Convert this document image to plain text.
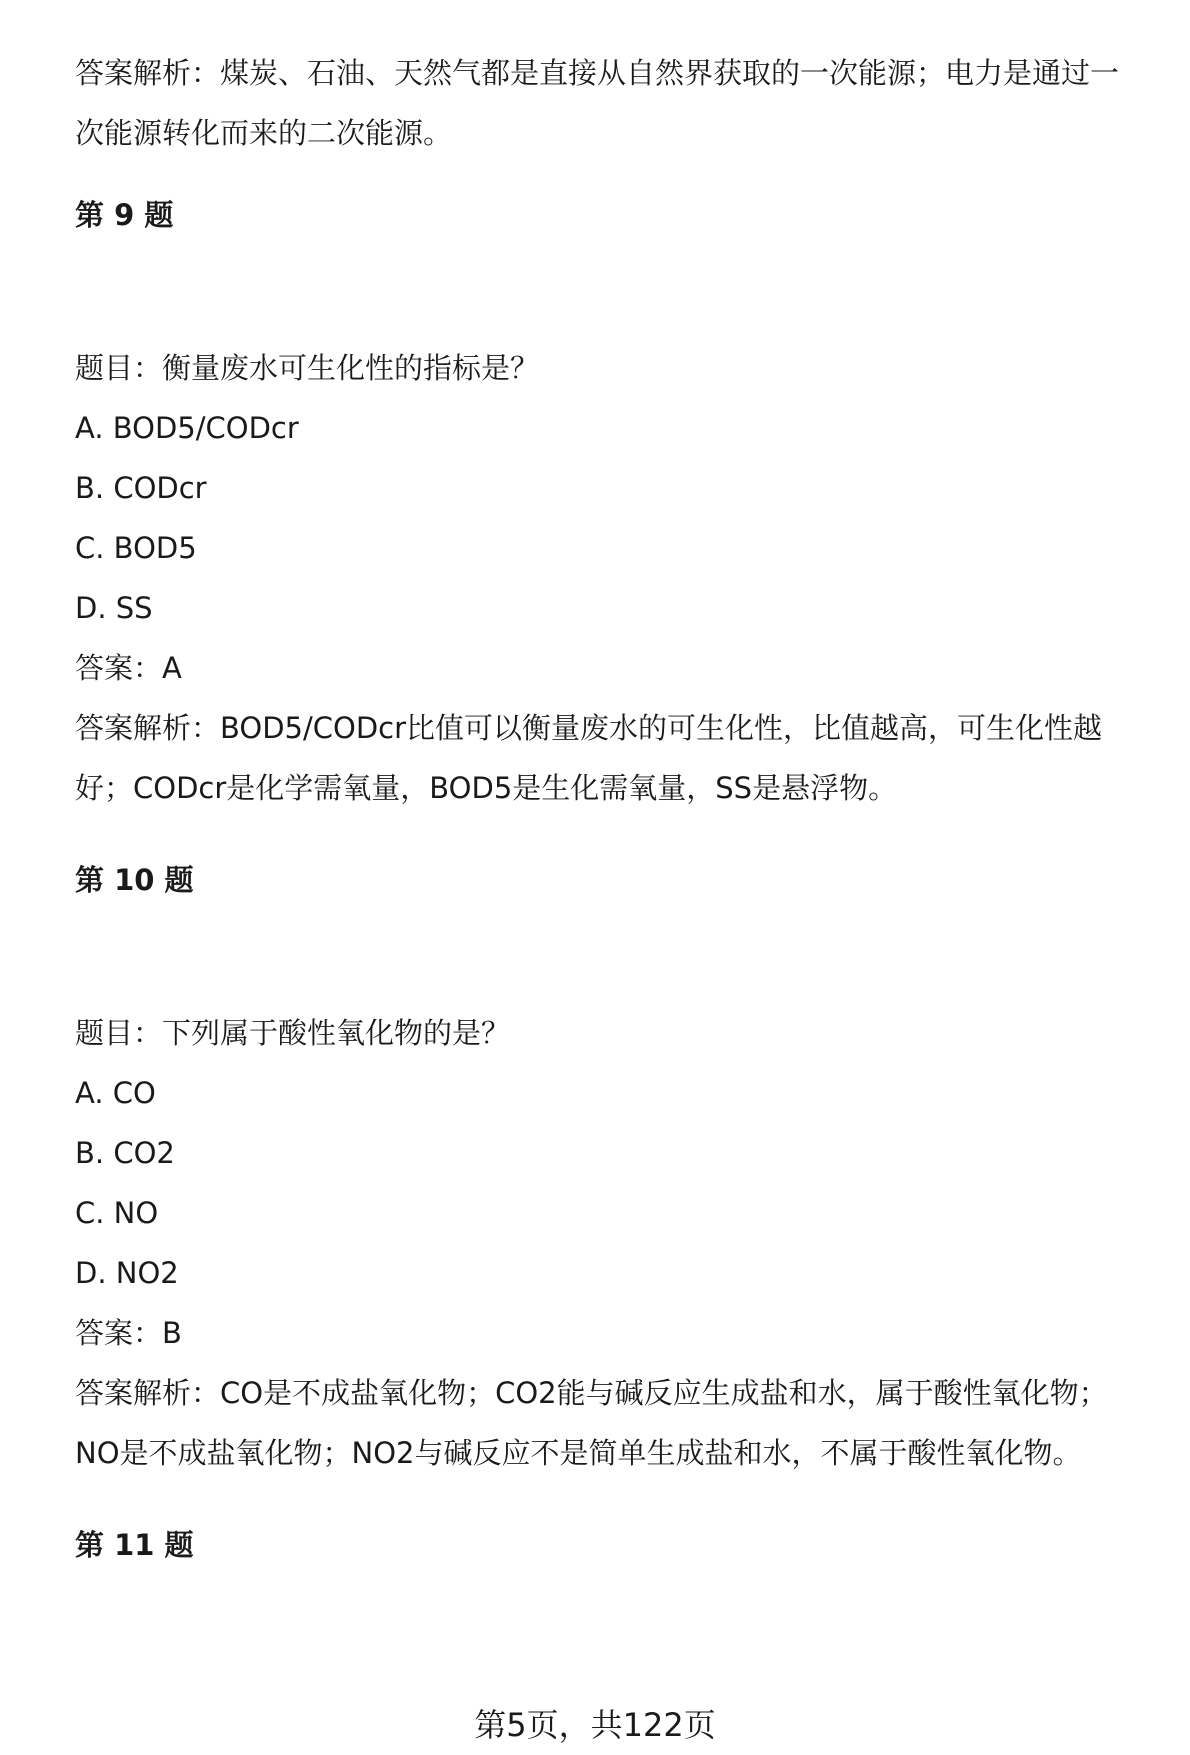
答案解析：煤炭、石油、天然气都是直接从自然界获取的一次能源；电力是通过一
次能源转化而来的二次能源。
第 9 题
题目：衡量废水可生化性的指标是？
A. BOD5/CODcr
B. CODcr
C. BOD5
D. SS
答案：A
答案解析：BOD5/CODcr比值可以衡量废水的可生化性，比值越高，可生化性越
好；CODcr是化学需氧量，BOD5是生化需氧量，SS是悬浮物。
第 10 题
题目：下列属于酸性氧化物的是？
A. CO
B. CO2
C. NO
D. NO2
答案：B
答案解析：CO是不成盐氧化物；CO2能与碱反应生成盐和水，属于酸性氧化物；
NO是不成盐氧化物；NO2与碱反应不是简单生成盐和水，不属于酸性氧化物。
第 11 题
第5页，共122页
